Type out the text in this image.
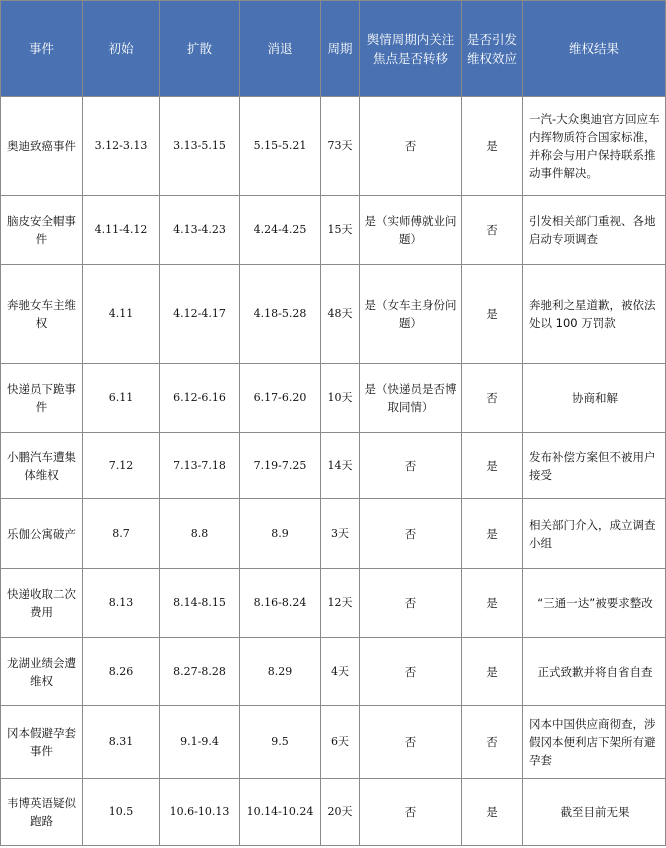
事件	初始	扩散	消退	周期	舆情周期内关注焦点是否转移	是否引发维权效应	维权结果
奥迪致癌事件	3.12-3.13	3.13-5.15	5.15-5.21	73天	否	是	一汽-大众奥迪官方回应车内挥物质符合国家标准，并称会与用户保持联系推动事件解决。
脑皮安全帽事件	4.11-4.12	4.13-4.23	4.24-4.25	15天	是（实师傅就业问题）	否	引发相关部门重视、各地启动专项调查
奔驰女车主维权	4.11	4.12-4.17	4.18-5.28	48天	是（女车主身份问题）	是	奔驰利之星道歉，被依法处以 100 万罚款
快递员下跪事件	6.11	6.12-6.16	6.17-6.20	10天	是（快递员是否博取同情）	否	协商和解
小鹏汽车遭集体维权	7.12	7.13-7.18	7.19-7.25	14天	否	是	发布补偿方案但不被用户接受
乐伽公寓破产	8.7	8.8	8.9	3天	否	是	相关部门介入，成立调查小组
快递收取二次费用	8.13	8.14-8.15	8.16-8.24	12天	否	是	“三通一达”被要求整改
龙湖业绩会遭维权	8.26	8.27-8.28	8.29	4天	否	是	正式致歉并将自省自查
冈本假避孕套事件	8.31	9.1-9.4	9.5	6天	否	否	冈本中国供应商彻查，涉假冈本便利店下架所有避孕套
韦博英语疑似跑路	10.5	10.6-10.13	10.14-10.24	20天	否	是	截至目前无果
